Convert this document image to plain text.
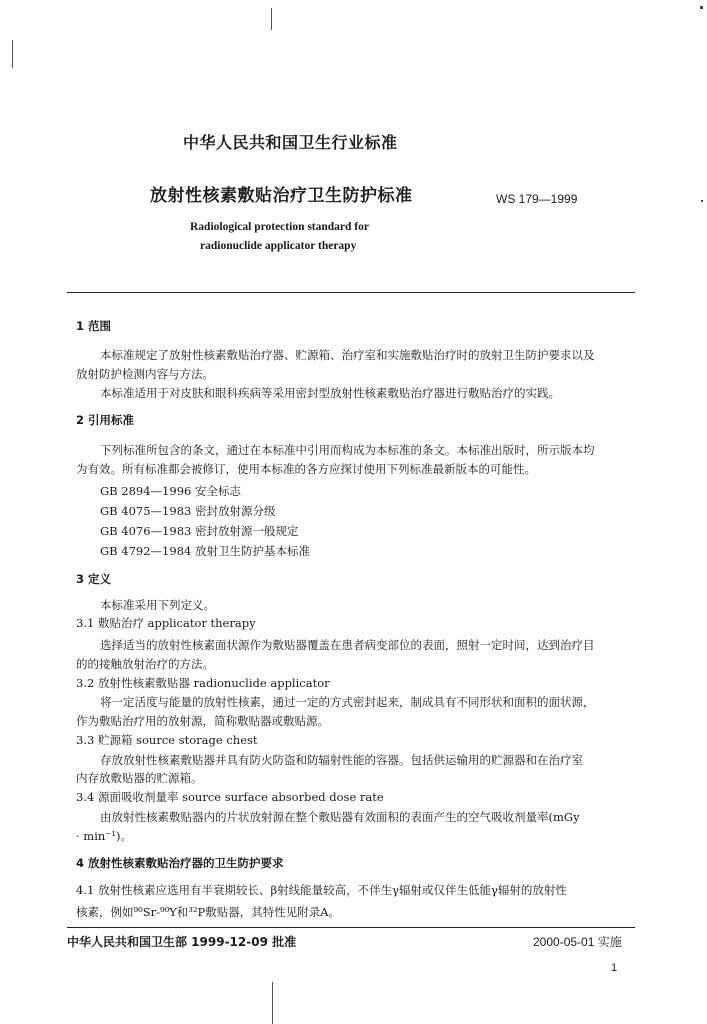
中华人民共和国卫生行业标准
放射性核素敷贴治疗卫生防护标准	WS 179—1999
Radiological protection standard for
radionuclide applicator therapy
1 范围
本标准规定了放射性核素敷贴治疗器、贮源箱、治疗室和实施敷贴治疗时的放射卫生防护要求以及
放射防护检测内容与方法。
本标准适用于对皮肤和眼科疾病等采用密封型放射性核素敷贴治疗器进行敷贴治疗的实践。
2 引用标准
下列标准所包含的条文，通过在本标准中引用而构成为本标准的条文。本标准出版时，所示版本均
为有效。所有标准都会被修订，使用本标准的各方应探讨使用下列标准最新版本的可能性。
GB 2894—1996 安全标志
GB 4075—1983 密封放射源分级
GB 4076—1983 密封放射源一般规定
GB 4792—1984 放射卫生防护基本标准
3 定义
本标准采用下列定义。
3.1 敷贴治疗 applicator therapy
选择适当的放射性核素面状源作为敷贴器覆盖在患者病变部位的表面，照射一定时间，达到治疗目
的的接触放射治疗的方法。
3.2 放射性核素敷贴器 radionuclide applicator
将一定活度与能量的放射性核素，通过一定的方式密封起来，制成具有不同形状和面积的面状源，
作为敷贴治疗用的放射源，简称敷贴器或敷贴源。
3.3 贮源箱 source storage chest
存放放射性核素敷贴器并具有防火防盗和防辐射性能的容器。包括供运输用的贮源器和在治疗室
内存放敷贴器的贮源箱。
3.4 源面吸收剂量率 source surface absorbed dose rate
由放射性核素敷贴器内的片状放射源在整个敷贴器有效面积的表面产生的空气吸收剂量率(mGy
· min⁻¹)。
4 放射性核素敷贴治疗器的卫生防护要求
4.1 放射性核素应选用有半衰期较长、β射线能量较高，不伴生γ辐射或仅伴生低能γ辐射的放射性
核素，例如⁹⁰Sr-⁹⁰Y和³²P敷贴器，其特性见附录A。
中华人民共和国卫生部 1999-12-09 批准	2000-05-01 实施
1
